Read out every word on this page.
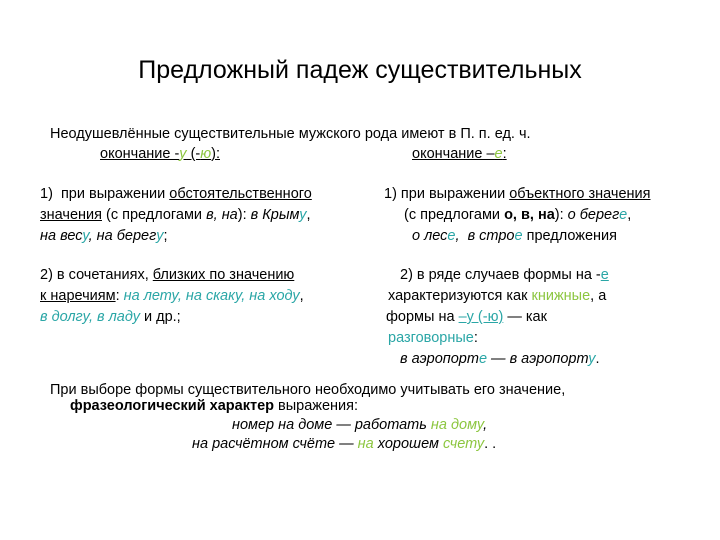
Предложный падеж существительных
Неодушевлённые существительные мужского рода имеют в П. п. ед. ч.
окончание -у (-ю):	окончание –е:
1)  при выражении обстоятельственного
значения (с предлогами в, на): в Крыму,
на весу, на берегу;
1) при выражении объектного значения
(с предлогами о, в, на): о береге,
о лесе,  в строе предложения
2) в сочетаниях, близких по значению
к наречиям: на лету, на скаку, на ходу,
в долгу, в ладу и др.;
2) в ряде случаев формы на -е
характеризуются как книжные, а
формы на –у (-ю) — как
разговорные:
в аэропорте — в аэропорту.
При выборе формы существительного необходимо учитывать его значение,
фразеологический характер выражения:
номер на доме — работать на дому,
на расчётном счёте — на хорошем счету. .
